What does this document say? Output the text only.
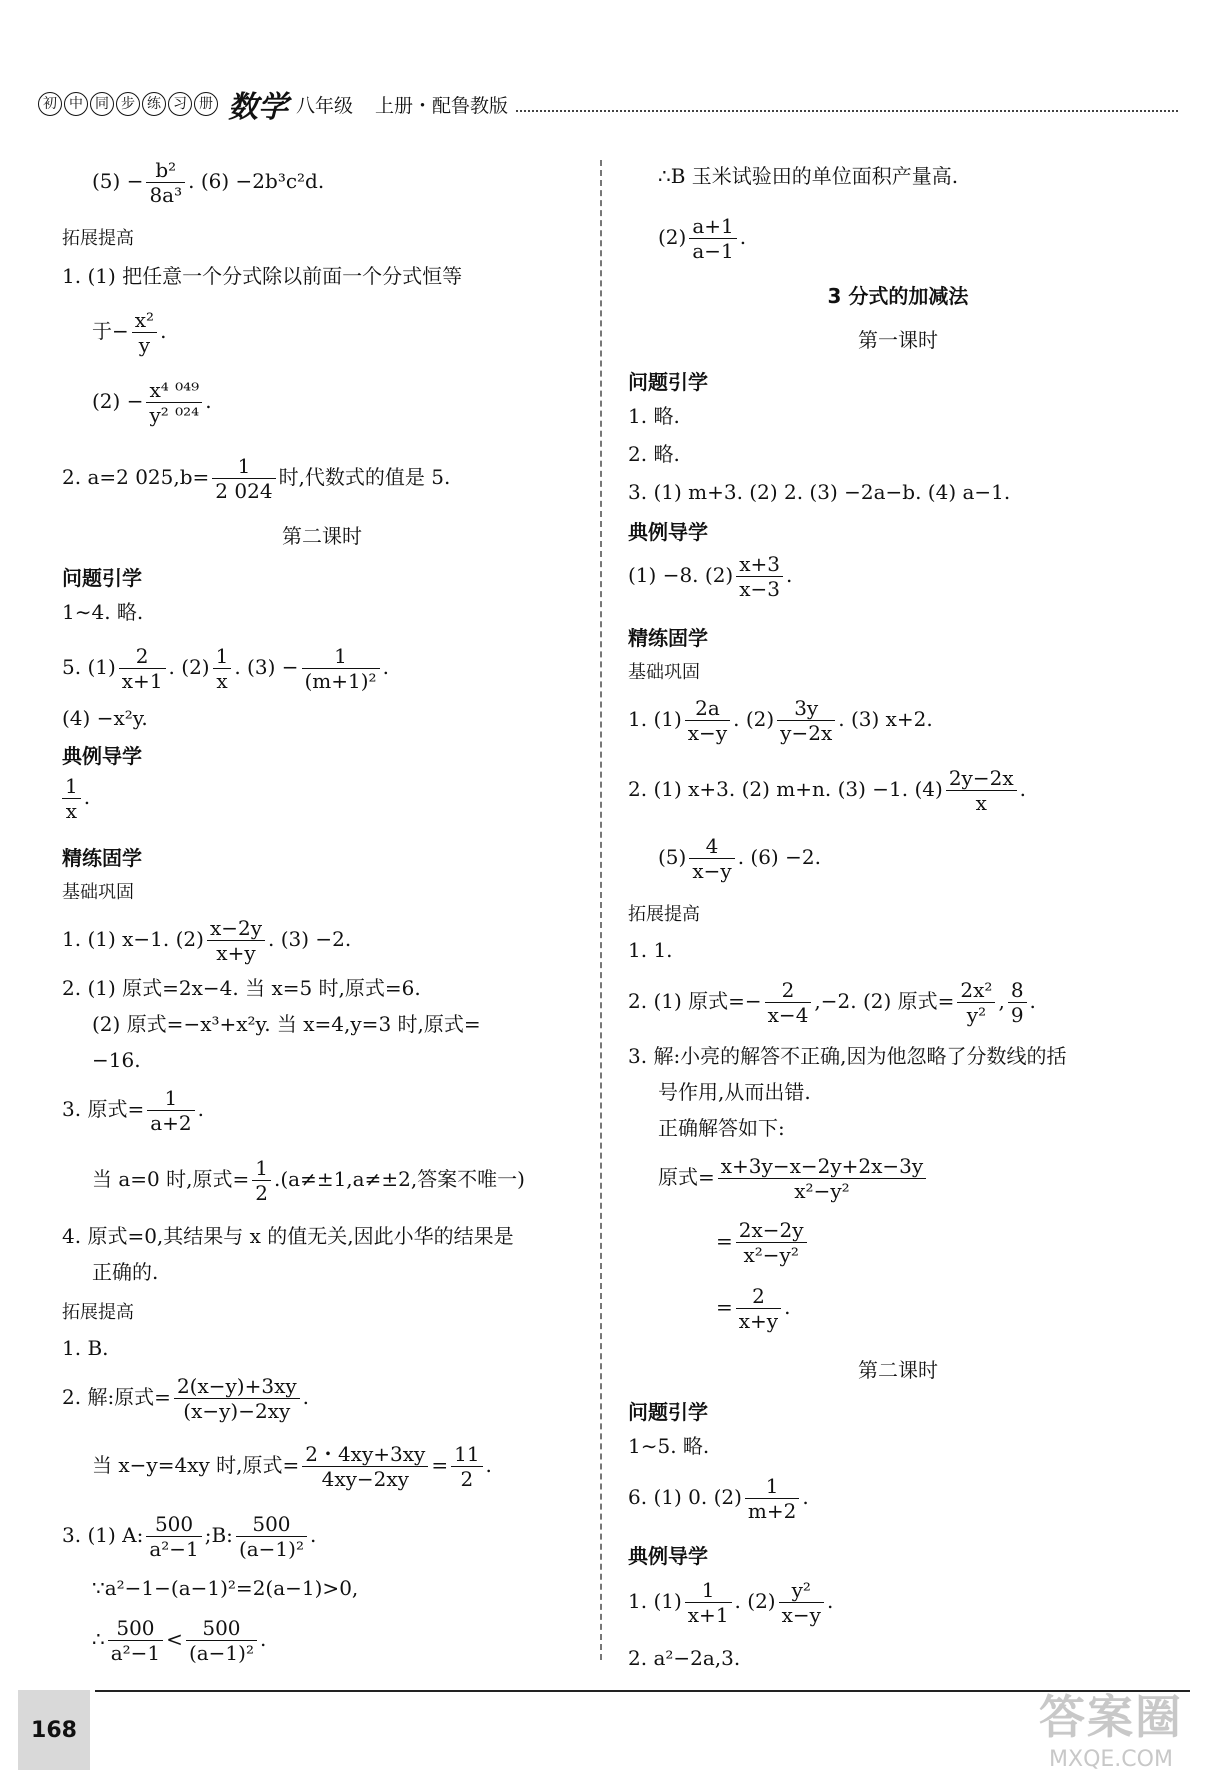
初 中 同 步 练 习 册 数学 八年级 上册・配鲁教版
$(5) - \frac{\text{b²}}{\text{8a³}}$ . (6) −2b³c²d.
拓展提高
1. (1) 把任意一个分式除以前面一个分式恒等
于− $\frac{\text{x²}}{y}$ .
$(2) - \frac{\text{x⁴ ⁰⁴⁹}}{\text{y² ⁰²⁴}}$ .
2. a=2 $025,b= \frac{1}{2 024}$ 时,代数式的值是 5.
第二课时
问题引学
1∼4. 略.
5. $(1) \frac{2}{x+1}$ . $(2) \frac{1}{x}$ . $(3) - \frac{1}{\text{(m+1)²}}$ .
(4) −x²y.
典例导学
$\frac{1}{x}$ .
精练固学
基础巩固
1. (1) x−1. $(2) \frac{x-2y}{x+y}$ . (3) −2.
2. (1) 原式=2x−4. 当 x=5 时,原式=6.
(2) 原式=−x³+x²y. 当 x=4,y=3 时,原式=
−16.
3. 原式= $\frac{1}{a+2}$ .
当 a=0 时,原式= $\frac{1}{2} .(a\ne\pm 1,a\ne\pm 2$,答案不唯一)
4. 原式=0,其结果与 x 的值无关,因此小华的结果是
正确的.
拓展提高
1. B.
2. 解:原式= $\frac{2(x-y)+3xy}{(x-y)-2xy}$ .
当 x−y=4xy 时,原式= $\frac{2・4xy+3xy}{4xy-2xy} = \frac{11}{2}$ .
3. (1) A: $\frac{500}{\text{a²−1}}$ ;B: $\frac{500}{\text{(a−1)²}}$ .
∵a²−1−(a−1)²=2(a−1)>0,
∴ $\frac{500}{\text{a²−1}} < \frac{500}{\text{(a−1)²}}$ .
∴B 玉米试验田的单位面积产量高.
$(2) \frac{a+1}{a-1}$ .
3 分式的加减法
第一课时
问题引学
1. 略.
2. 略.
3. (1) m+3. (2) 2. (3) −2a−b. (4) a−1.
典例导学
(1) −8. $(2) \frac{x+3}{x-3}$ .
精练固学
基础巩固
1. $(1) \frac{2a}{x-y}$ . $(2) \frac{3y}{y-2x}$ . (3) x+2.
2. (1) x+3. (2) m+n. (3) −1. $(4) \frac{2y-2x}{x}$ .
$(5) \frac{4}{x-y}$ . (6) −2.
拓展提高
1. 1.
2. (1) 原式=− $\frac{2}{x-4} ,-2$. (2) 原式= $\frac{\text{2x²}}{\text{y²}}$ , $\frac{8}{9}$ .
3. 解:小亮的解答不正确,因为他忽略了分数线的括
号作用,从而出错.
正确解答如下:
原式= $\frac{x+3y-x-2y+2x-3y}{\text{x²−y²}}$
= $\frac{2x-2y}{\text{x²−y²}}$
= $\frac{2}{x+y}$ .
第二课时
问题引学
1∼5. 略.
6. (1) 0. $(2) \frac{1}{m+2}$ .
典例导学
1. $(1) \frac{1}{x+1}$ . $(2) \frac{\text{y²}}{x-y}$ .
2. a²−2a,3.
168	答案圈
MXQE.COM
